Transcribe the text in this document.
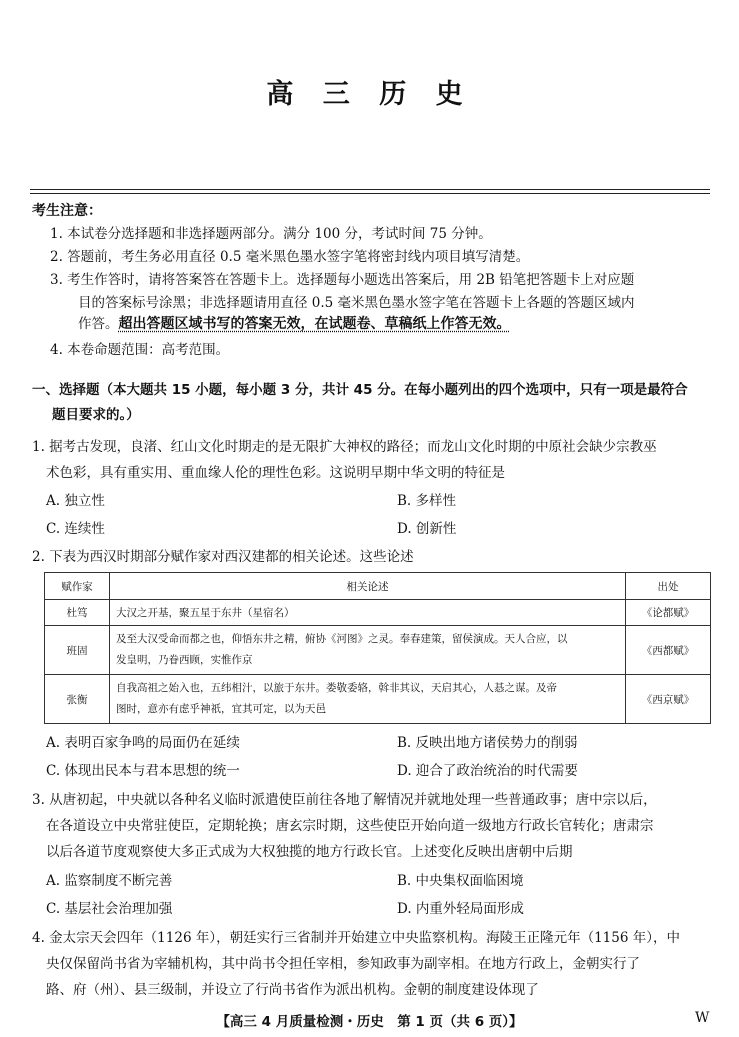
高 三 历 史
考生注意：
1. 本试卷分选择题和非选择题两部分。满分 100 分，考试时间 75 分钟。
2. 答题前，考生务必用直径 0.5 毫米黑色墨水签字笔将密封线内项目填写清楚。
3. 考生作答时，请将答案答在答题卡上。选择题每小题选出答案后，用 2B 铅笔把答题卡上对应题
目的答案标号涂黑；非选择题请用直径 0.5 毫米黑色墨水签字笔在答题卡上各题的答题区域内
作答。超出答题区域书写的答案无效，在试题卷、草稿纸上作答无效。
4. 本卷命题范围：高考范围。
一、选择题（本大题共 15 小题，每小题 3 分，共计 45 分。在每小题列出的四个选项中，只有一项是最符合
题目要求的。）
1. 据考古发现，良渚、红山文化时期走的是无限扩大神权的路径；而龙山文化时期的中原社会缺少宗教巫
术色彩，具有重实用、重血缘人伦的理性色彩。这说明早期中华文明的特征是
A. 独立性	B. 多样性
C. 连续性	D. 创新性
2. 下表为西汉时期部分赋作家对西汉建都的相关论述。这些论述
赋作家	相关论述	出处
杜笃	大汉之开基，聚五星于东井（星宿名）	《论都赋》
班固	及至大汉受命而都之也，仰悟东井之精，俯协《河图》之灵。奉春建策，留侯演成。天人合应，以
发皇明，乃眷西顾，实惟作京	《西都赋》
张衡	自我高祖之始入也，五纬相汁，以旅于东井。娄敬委辂，斡非其议，天启其心，人惎之谋。及帝
图时，意亦有虑乎神祇，宜其可定，以为天邑	《西京赋》
A. 表明百家争鸣的局面仍在延续	B. 反映出地方诸侯势力的削弱
C. 体现出民本与君本思想的统一	D. 迎合了政治统治的时代需要
3. 从唐初起，中央就以各种名义临时派遣使臣前往各地了解情况并就地处理一些普通政事；唐中宗以后，
在各道设立中央常驻使臣，定期轮换；唐玄宗时期，这些使臣开始向道一级地方行政长官转化；唐肃宗
以后各道节度观察使大多正式成为大权独揽的地方行政长官。上述变化反映出唐朝中后期
A. 监察制度不断完善	B. 中央集权面临困境
C. 基层社会治理加强	D. 内重外轻局面形成
4. 金太宗天会四年（1126 年），朝廷实行三省制并开始建立中央监察机构。海陵王正隆元年（1156 年），中
央仅保留尚书省为宰辅机构，其中尚书令担任宰相，参知政事为副宰相。在地方行政上，金朝实行了
路、府（州）、县三级制，并设立了行尚书省作为派出机构。金朝的制度建设体现了
【高三 4 月质量检测・历史　第 1 页（共 6 页）】	W
